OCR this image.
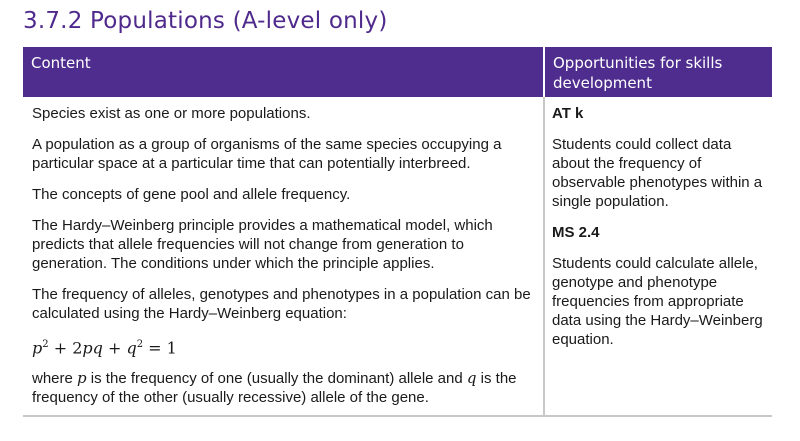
3.7.2 Populations (A-level only)
Content	Opportunities for skills development

Species exist as one or more populations.

A population as a group of organisms of the same species occupying a particular space at a particular time that can potentially interbreed.

The concepts of gene pool and allele frequency.

The Hardy–Weinberg principle provides a mathematical model, which predicts that allele frequencies will not change from generation to generation. The conditions under which the principle applies.

The frequency of alleles, genotypes and phenotypes in a population can be calculated using the Hardy–Weinberg equation:

$p^2 + 2pq + q^2 = 1$

where p is the frequency of one (usually the dominant) allele and q is the frequency of the other (usually recessive) allele of the gene.

AT k

Students could collect data about the frequency of observable phenotypes within a single population.

MS 2.4

Students could calculate allele, genotype and phenotype frequencies from appropriate data using the Hardy–Weinberg equation.
